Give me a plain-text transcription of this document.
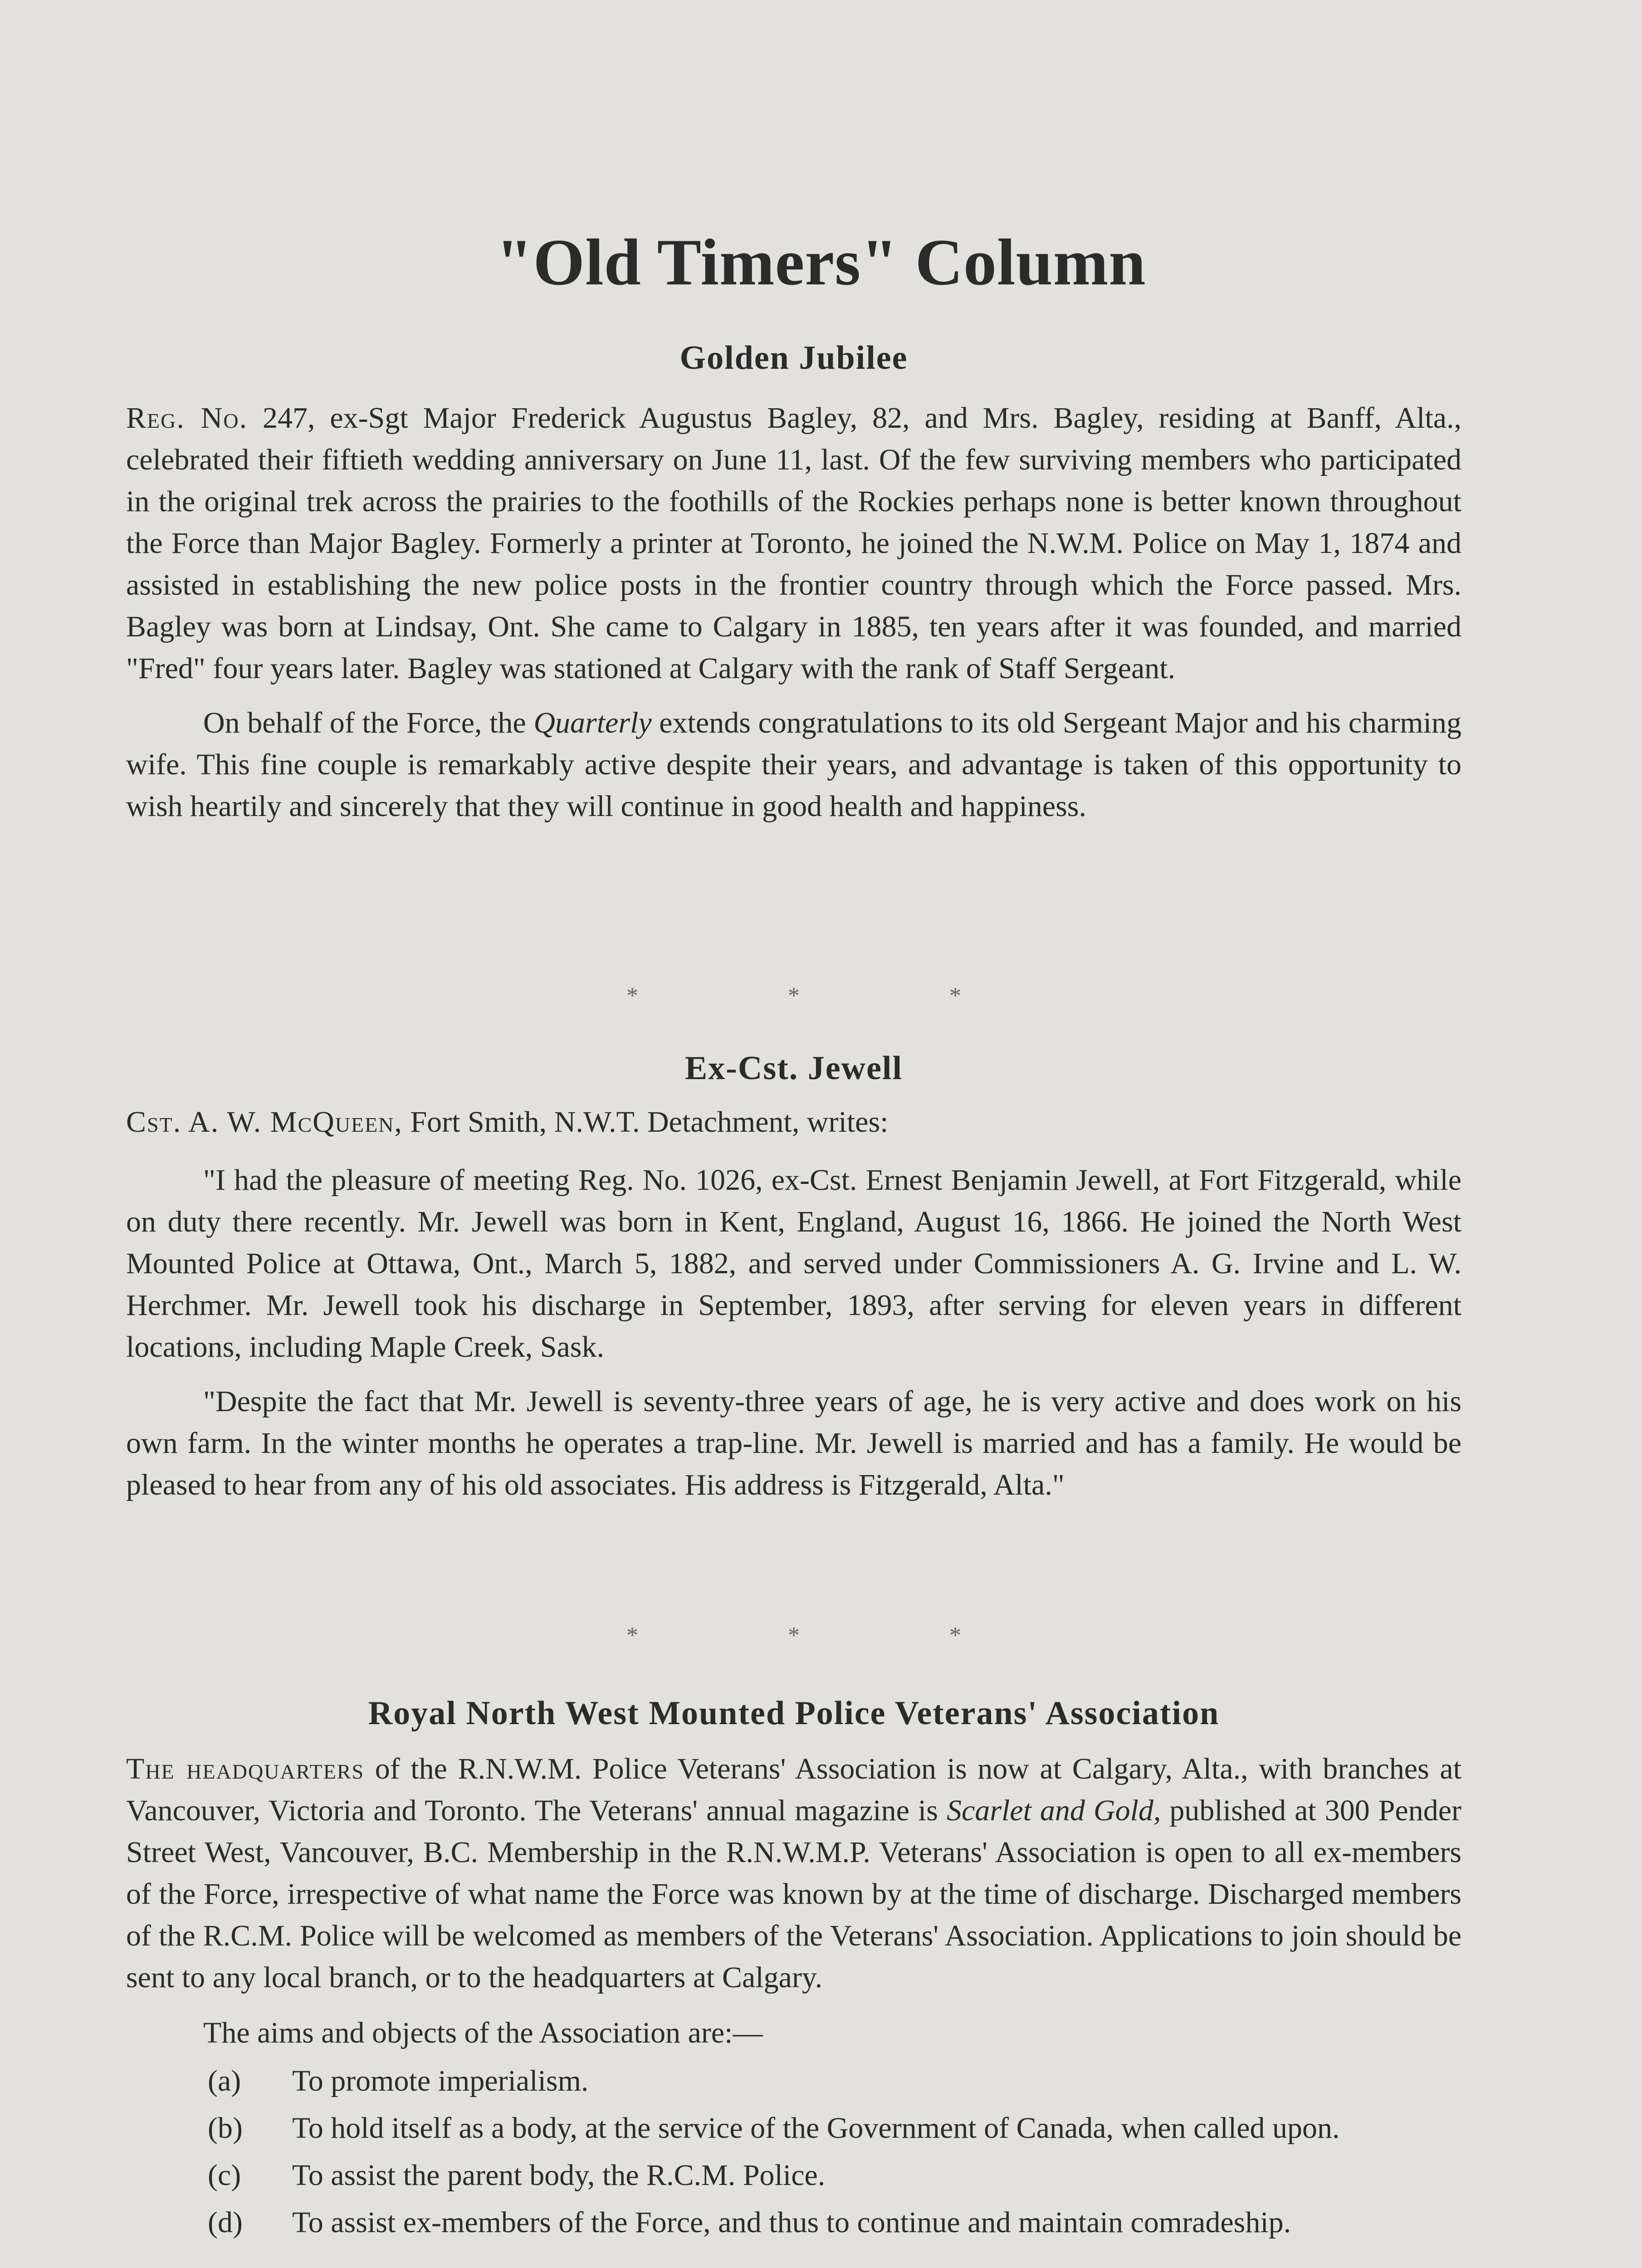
"Old Timers" Column
Golden Jubilee

Reg. No. 247, ex-Sgt Major Frederick Augustus Bagley, 82, and Mrs. Bagley, residing at Banff, Alta., celebrated their fiftieth wedding anniversary on June 11, last. Of the few surviving members who participated in the original trek across the prairies to the foothills of the Rockies perhaps none is better known throughout the Force than Major Bagley. Formerly a printer at Toronto, he joined the N.W.M. Police on May 1, 1874 and assisted in establishing the new police posts in the frontier country through which the Force passed. Mrs. Bagley was born at Lindsay, Ont. She came to Calgary in 1885, ten years after it was founded, and married "Fred" four years later. Bagley was stationed at Calgary with the rank of Staff Sergeant.

On behalf of the Force, the Quarterly extends congratulations to its old Sergeant Major and his charming wife. This fine couple is remarkably active despite their years, and advantage is taken of this opportunity to wish heartily and sincerely that they will continue in good health and happiness.

*	*	*
Ex-Cst. Jewell

Cst. A. W. McQueen, Fort Smith, N.W.T. Detachment, writes:

"I had the pleasure of meeting Reg. No. 1026, ex-Cst. Ernest Benjamin Jewell, at Fort Fitzgerald, while on duty there recently. Mr. Jewell was born in Kent, England, August 16, 1866. He joined the North West Mounted Police at Ottawa, Ont., March 5, 1882, and served under Commissioners A. G. Irvine and L. W. Herchmer. Mr. Jewell took his discharge in September, 1893, after serving for eleven years in different locations, including Maple Creek, Sask.

"Despite the fact that Mr. Jewell is seventy-three years of age, he is very active and does work on his own farm. In the winter months he operates a trap-line. Mr. Jewell is married and has a family. He would be pleased to hear from any of his old associates. His address is Fitzgerald, Alta."

*	*	*
Royal North West Mounted Police Veterans' Association

The headquarters of the R.N.W.M. Police Veterans' Association is now at Calgary, Alta., with branches at Vancouver, Victoria and Toronto. The Veterans' annual magazine is Scarlet and Gold, published at 300 Pender Street West, Vancouver, B.C. Membership in the R.N.W.M.P. Veterans' Association is open to all ex-members of the Force, irrespective of what name the Force was known by at the time of discharge. Discharged members of the R.C.M. Police will be welcomed as members of the Veterans' Association. Applications to join should be sent to any local branch, or to the headquarters at Calgary.

The aims and objects of the Association are:—

(a) To promote imperialism.
(b) To hold itself as a body, at the service of the Government of Canada, when called upon.
(c) To assist the parent body, the R.C.M. Police.
(d) To assist ex-members of the Force, and thus to continue and maintain comradeship.
